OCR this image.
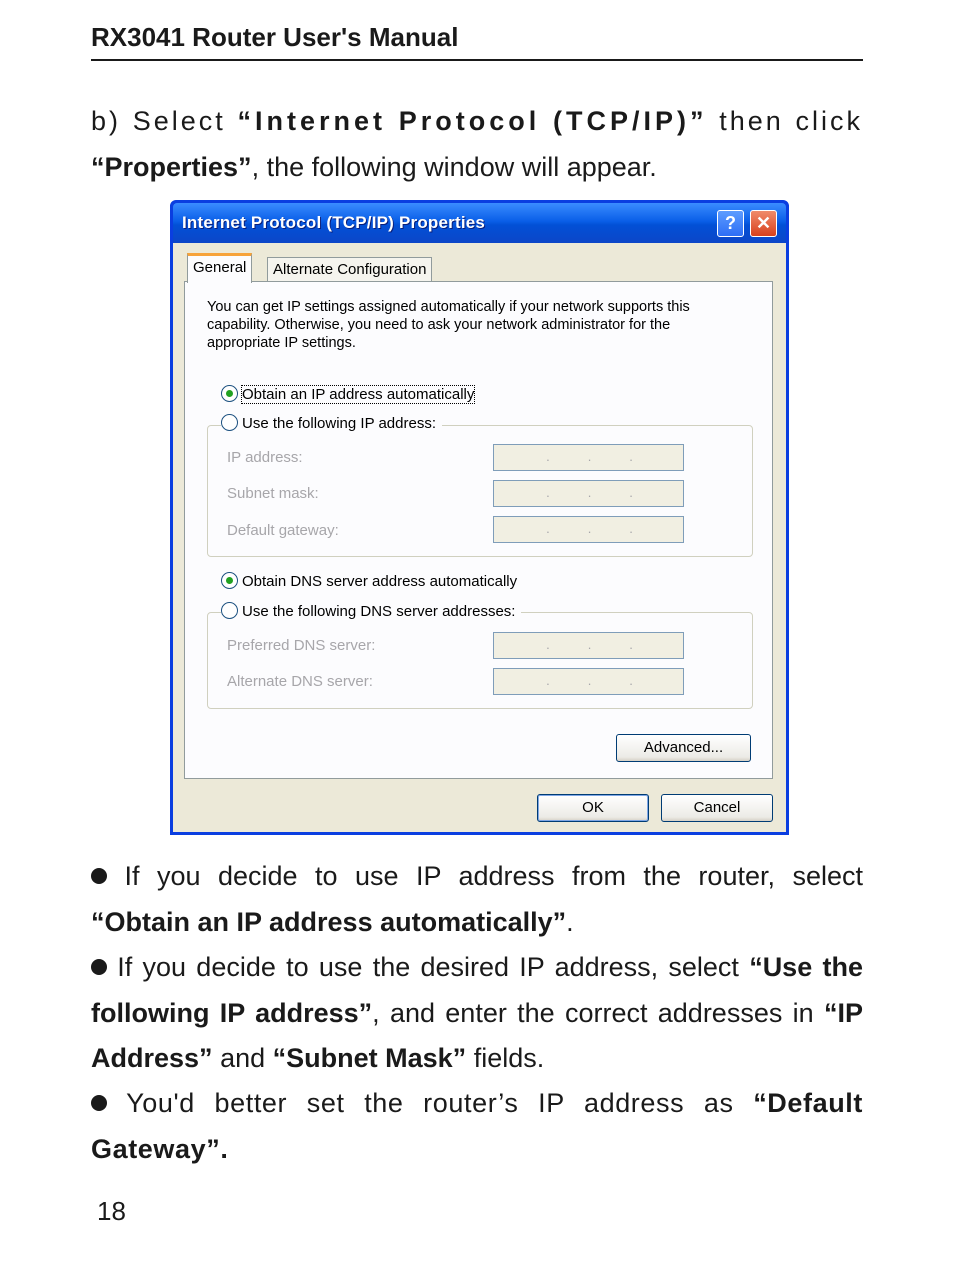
RX3041 Router User's Manual
b) Select “Internet Protocol (TCP/IP)” then click
“Properties”, the following window will appear.
Internet Protocol (TCP/IP) Properties	?	✕
General	Alternate Configuration
You can get IP settings assigned automatically if your network supports this capability. Otherwise, you need to ask your network administrator for the appropriate IP settings.
Obtain an IP address automatically
Use the following IP address:
IP address:	...
Subnet mask:	...
Default gateway:	...
Obtain DNS server address automatically
Use the following DNS server addresses:
Preferred DNS server:	...
Alternate DNS server:	...
Advanced...
OK	Cancel
If you decide to use IP address from the router, select
“Obtain an IP address automatically”.
If you decide to use the desired IP address, select “Use the following IP address”, and enter the correct addresses in “IP Address” and “Subnet Mask” fields.
You'd better set the router’s IP address as “Default Gateway”.
18
